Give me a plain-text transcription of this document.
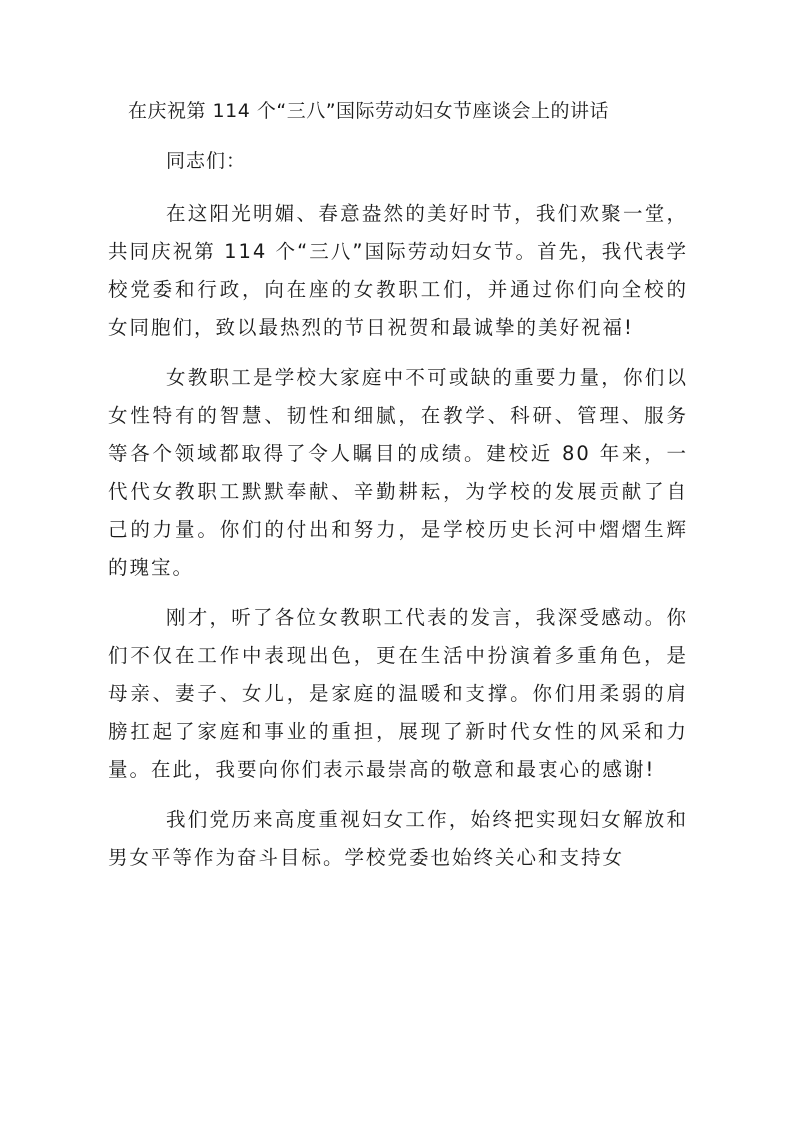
在庆祝第 114 个“三八”国际劳动妇女节座谈会上的讲话
同志们：

在这阳光明媚、春意盎然的美好时节，我们欢聚一堂，共同庆祝第 114 个“三八”国际劳动妇女节。首先，我代表学校党委和行政，向在座的女教职工们，并通过你们向全校的女同胞们，致以最热烈的节日祝贺和最诚挚的美好祝福!

女教职工是学校大家庭中不可或缺的重要力量，你们以女性特有的智慧、韧性和细腻，在教学、科研、管理、服务等各个领域都取得了令人瞩目的成绩。建校近 80 年来，一代代女教职工默默奉献、辛勤耕耘，为学校的发展贡献了自己的力量。你们的付出和努力，是学校历史长河中熠熠生辉的瑰宝。

刚才，听了各位女教职工代表的发言，我深受感动。你们不仅在工作中表现出色，更在生活中扮演着多重角色，是母亲、妻子、女儿，是家庭的温暖和支撑。你们用柔弱的肩膀扛起了家庭和事业的重担，展现了新时代女性的风采和力量。在此，我要向你们表示最崇高的敬意和最衷心的感谢!

我们党历来高度重视妇女工作，始终把实现妇女解放和男女平等作为奋斗目标。学校党委也始终关心和支持女
